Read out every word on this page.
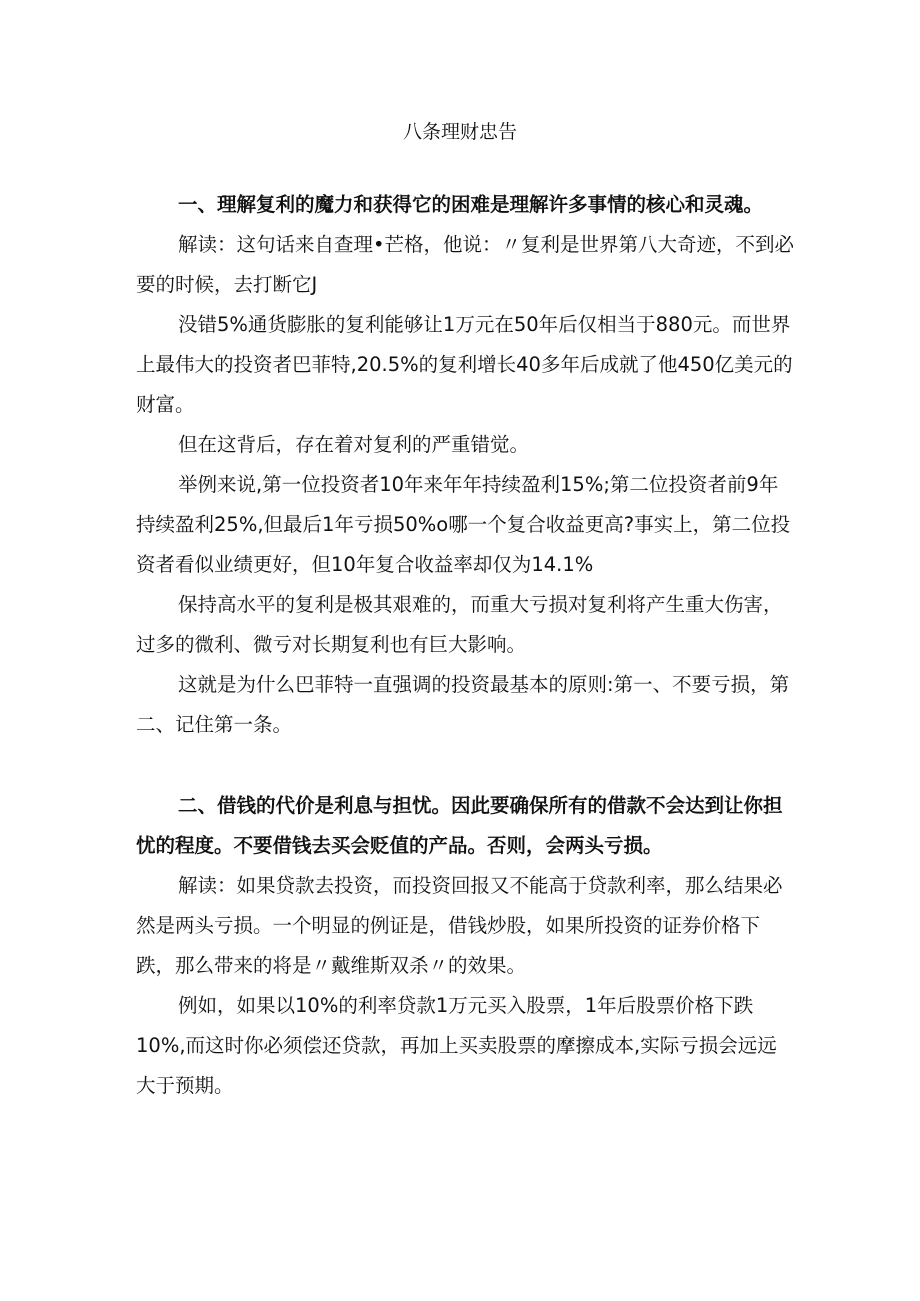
八条理财忠告

一、理解复利的魔力和获得它的困难是理解许多事情的核心和灵魂。

解读：这句话来自查理•芒格，他说：〃复利是世界第八大奇迹，不到必要的时候，去打断它J

没错5%通货膨胀的复利能够让1万元在50年后仅相当于880元。而世界上最伟大的投资者巴菲特,20.5%的复利增长40多年后成就了他450亿美元的财富。

但在这背后，存在着对复利的严重错觉。

举例来说,第一位投资者10年来年年持续盈利15%;第二位投资者前9年持续盈利25%,但最后1年亏损50%o哪一个复合收益更高?事实上，第二位投资者看似业绩更好，但10年复合收益率却仅为14.1%

保持高水平的复利是极其艰难的，而重大亏损对复利将产生重大伤害，过多的微利、微亏对长期复利也有巨大影响。

这就是为什么巴菲特一直强调的投资最基本的原则:第一、不要亏损，第二、记住第一条。

二、借钱的代价是利息与担忧。因此要确保所有的借款不会达到让你担忧的程度。不要借钱去买会贬值的产品。否则，会两头亏损。

解读：如果贷款去投资，而投资回报又不能高于贷款利率，那么结果必然是两头亏损。一个明显的例证是，借钱炒股，如果所投资的证券价格下跌，那么带来的将是〃戴维斯双杀〃的效果。

例如，如果以10%的利率贷款1万元买入股票，1年后股票价格下跌10%,而这时你必须偿还贷款，再加上买卖股票的摩擦成本,实际亏损会远远大于预期。
